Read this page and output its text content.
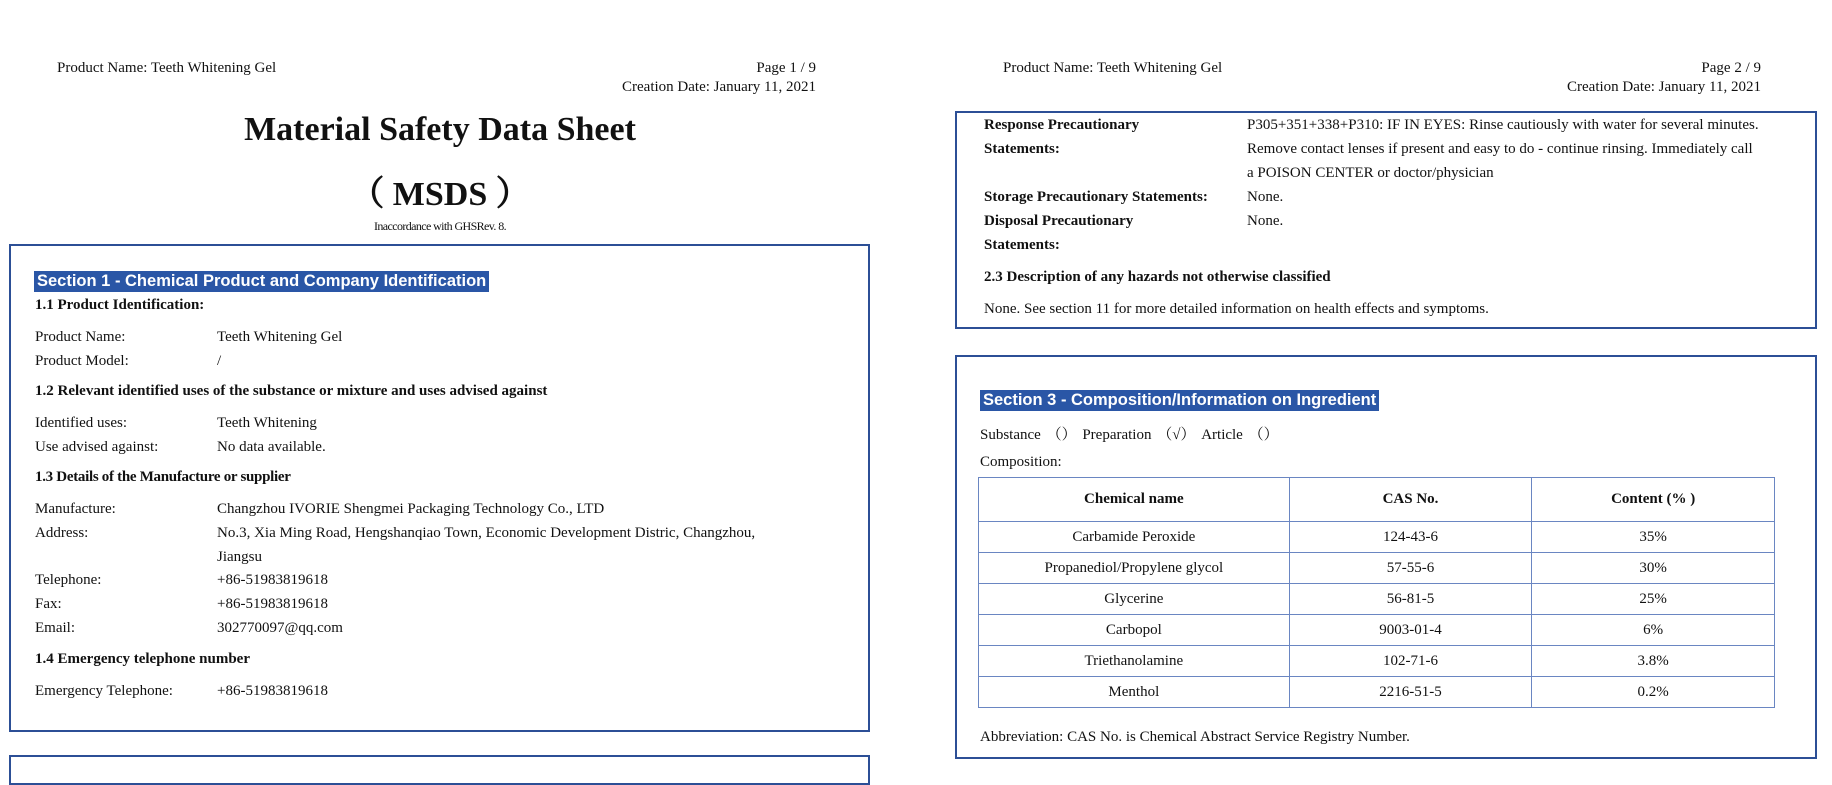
Product Name: Teeth Whitening Gel	Page 1 / 9
Creation Date: January 11, 2021
Material Safety Data Sheet
（ MSDS ）
Inaccordance with GHSRev. 8.
Section 1 - Chemical Product and Company Identification
1.1 Product Identification:
Product Name:	Teeth Whitening Gel
Product Model:	/
1.2 Relevant identified uses of the substance or mixture and uses advised against
Identified uses:	Teeth Whitening
Use advised against:	No data available.
1.3 Details of the Manufacture or supplier
Manufacture:	Changzhou IVORIE Shengmei Packaging Technology Co., LTD
Address:	No.3, Xia Ming Road, Hengshanqiao Town, Economic Development Distric, Changzhou,
Jiangsu
Telephone:	+86-51983819618
Fax:	+86-51983819618
Email:	302770097@qq.com
1.4 Emergency telephone number
Emergency Telephone:	+86-51983819618
Product Name: Teeth Whitening Gel	Page 2 / 9
Creation Date: January 11, 2021
Response Precautionary
Statements:
P305+351+338+P310: IF IN EYES: Rinse cautiously with water for several minutes.
Remove contact lenses if present and easy to do - continue rinsing. Immediately call
a POISON CENTER or doctor/physician
Storage Precautionary Statements:	None.
Disposal Precautionary
Statements:
None.
2.3 Description of any hazards not otherwise classified
None. See section 11 for more detailed information on health effects and symptoms.
Section 3 - Composition/Information on Ingredient
Substance （） Preparation （√） Article （）
Composition:
Chemical name	CAS No.	Content (% )
Carbamide Peroxide	124-43-6	35%
Propanediol/Propylene glycol	57-55-6	30%
Glycerine	56-81-5	25%
Carbopol	9003-01-4	6%
Triethanolamine	102-71-6	3.8%
Menthol	2216-51-5	0.2%
Abbreviation: CAS No. is Chemical Abstract Service Registry Number.
